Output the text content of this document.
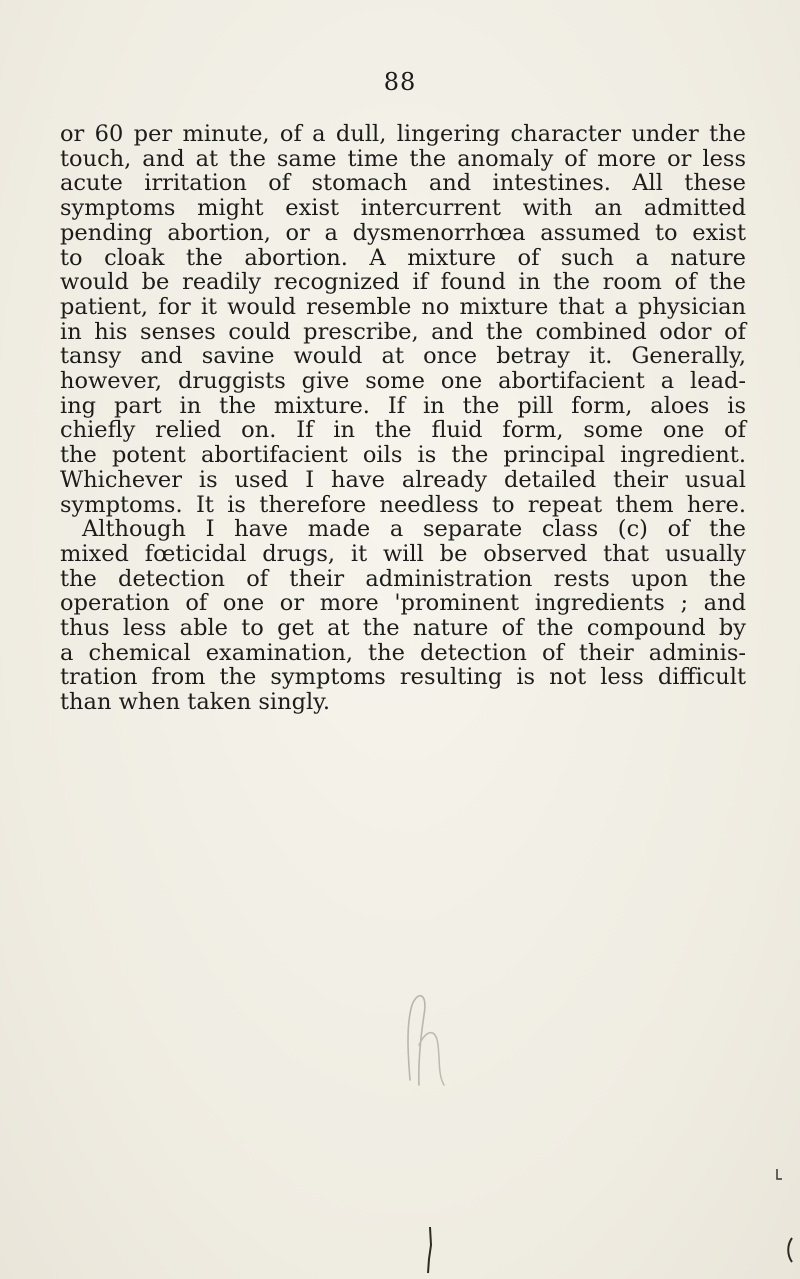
88
or 60 per minute, of a dull, lingering character under the
touch, and at the same time the anomaly of more or less
acute irritation of stomach and intestines. All these
symptoms might exist intercurrent with an admitted
pending abortion, or a dysmenorrhœa assumed to exist
to cloak the abortion. A mixture of such a nature
would be readily recognized if found in the room of the
patient, for it would resemble no mixture that a physician
in his senses could prescribe, and the combined odor of
tansy and savine would at once betray it. Generally,
however, druggists give some one abortifacient a lead-
ing part in the mixture. If in the pill form, aloes is
chiefly relied on. If in the fluid form, some one of
the potent abortifacient oils is the principal ingredient.
Whichever is used I have already detailed their usual
symptoms. It is therefore needless to repeat them here.
Although I have made a separate class (c) of the
mixed fœticidal drugs, it will be observed that usually
the detection of their administration rests upon the
operation of one or more 'prominent ingredients ; and
thus less able to get at the nature of the compound by
a chemical examination, the detection of their adminis-
tration from the symptoms resulting is not less difficult
than when taken singly.
